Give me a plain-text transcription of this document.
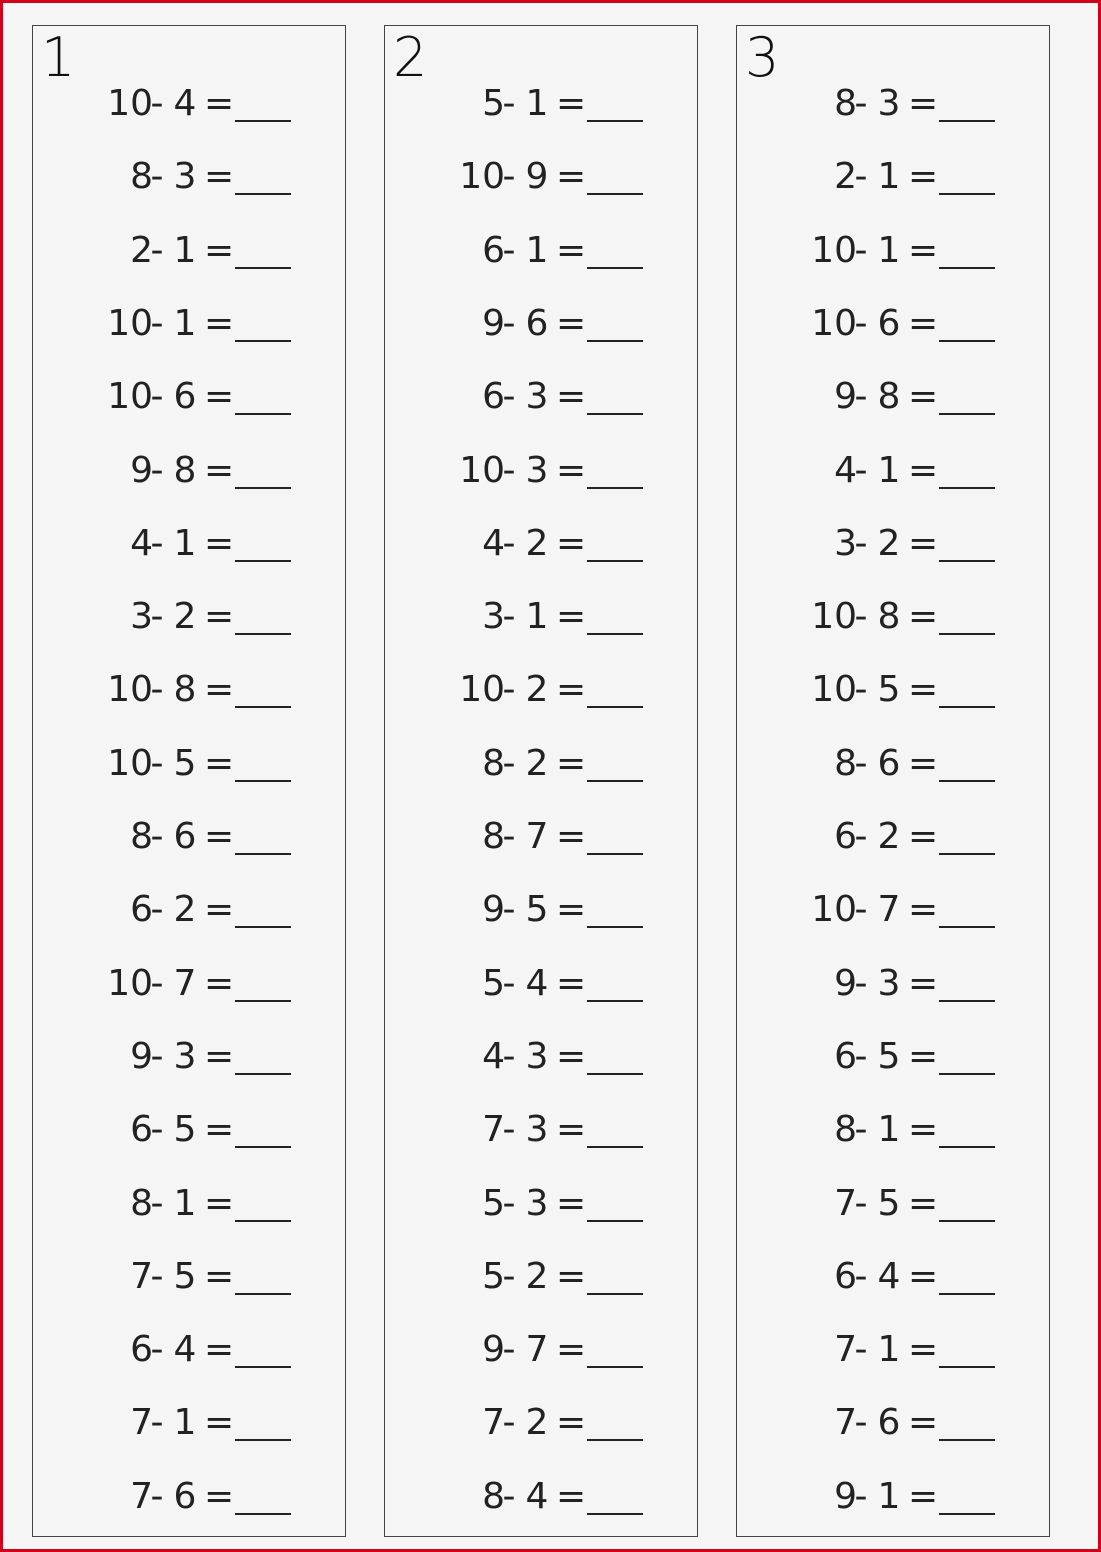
1
10
- 4 =
8
- 3 =
2
- 1 =
10
- 1 =
10
- 6 =
9
- 8 =
4
- 1 =
3
- 2 =
10
- 8 =
10
- 5 =
8
- 6 =
6
- 2 =
10
- 7 =
9
- 3 =
6
- 5 =
8
- 1 =
7
- 5 =
6
- 4 =
7
- 1 =
7
- 6 =
2
5
- 1 =
10
- 9 =
6
- 1 =
9
- 6 =
6
- 3 =
10
- 3 =
4
- 2 =
3
- 1 =
10
- 2 =
8
- 2 =
8
- 7 =
9
- 5 =
5
- 4 =
4
- 3 =
7
- 3 =
5
- 3 =
5
- 2 =
9
- 7 =
7
- 2 =
8
- 4 =
3
8
- 3 =
2
- 1 =
10
- 1 =
10
- 6 =
9
- 8 =
4
- 1 =
3
- 2 =
10
- 8 =
10
- 5 =
8
- 6 =
6
- 2 =
10
- 7 =
9
- 3 =
6
- 5 =
8
- 1 =
7
- 5 =
6
- 4 =
7
- 1 =
7
- 6 =
9
- 1 =
